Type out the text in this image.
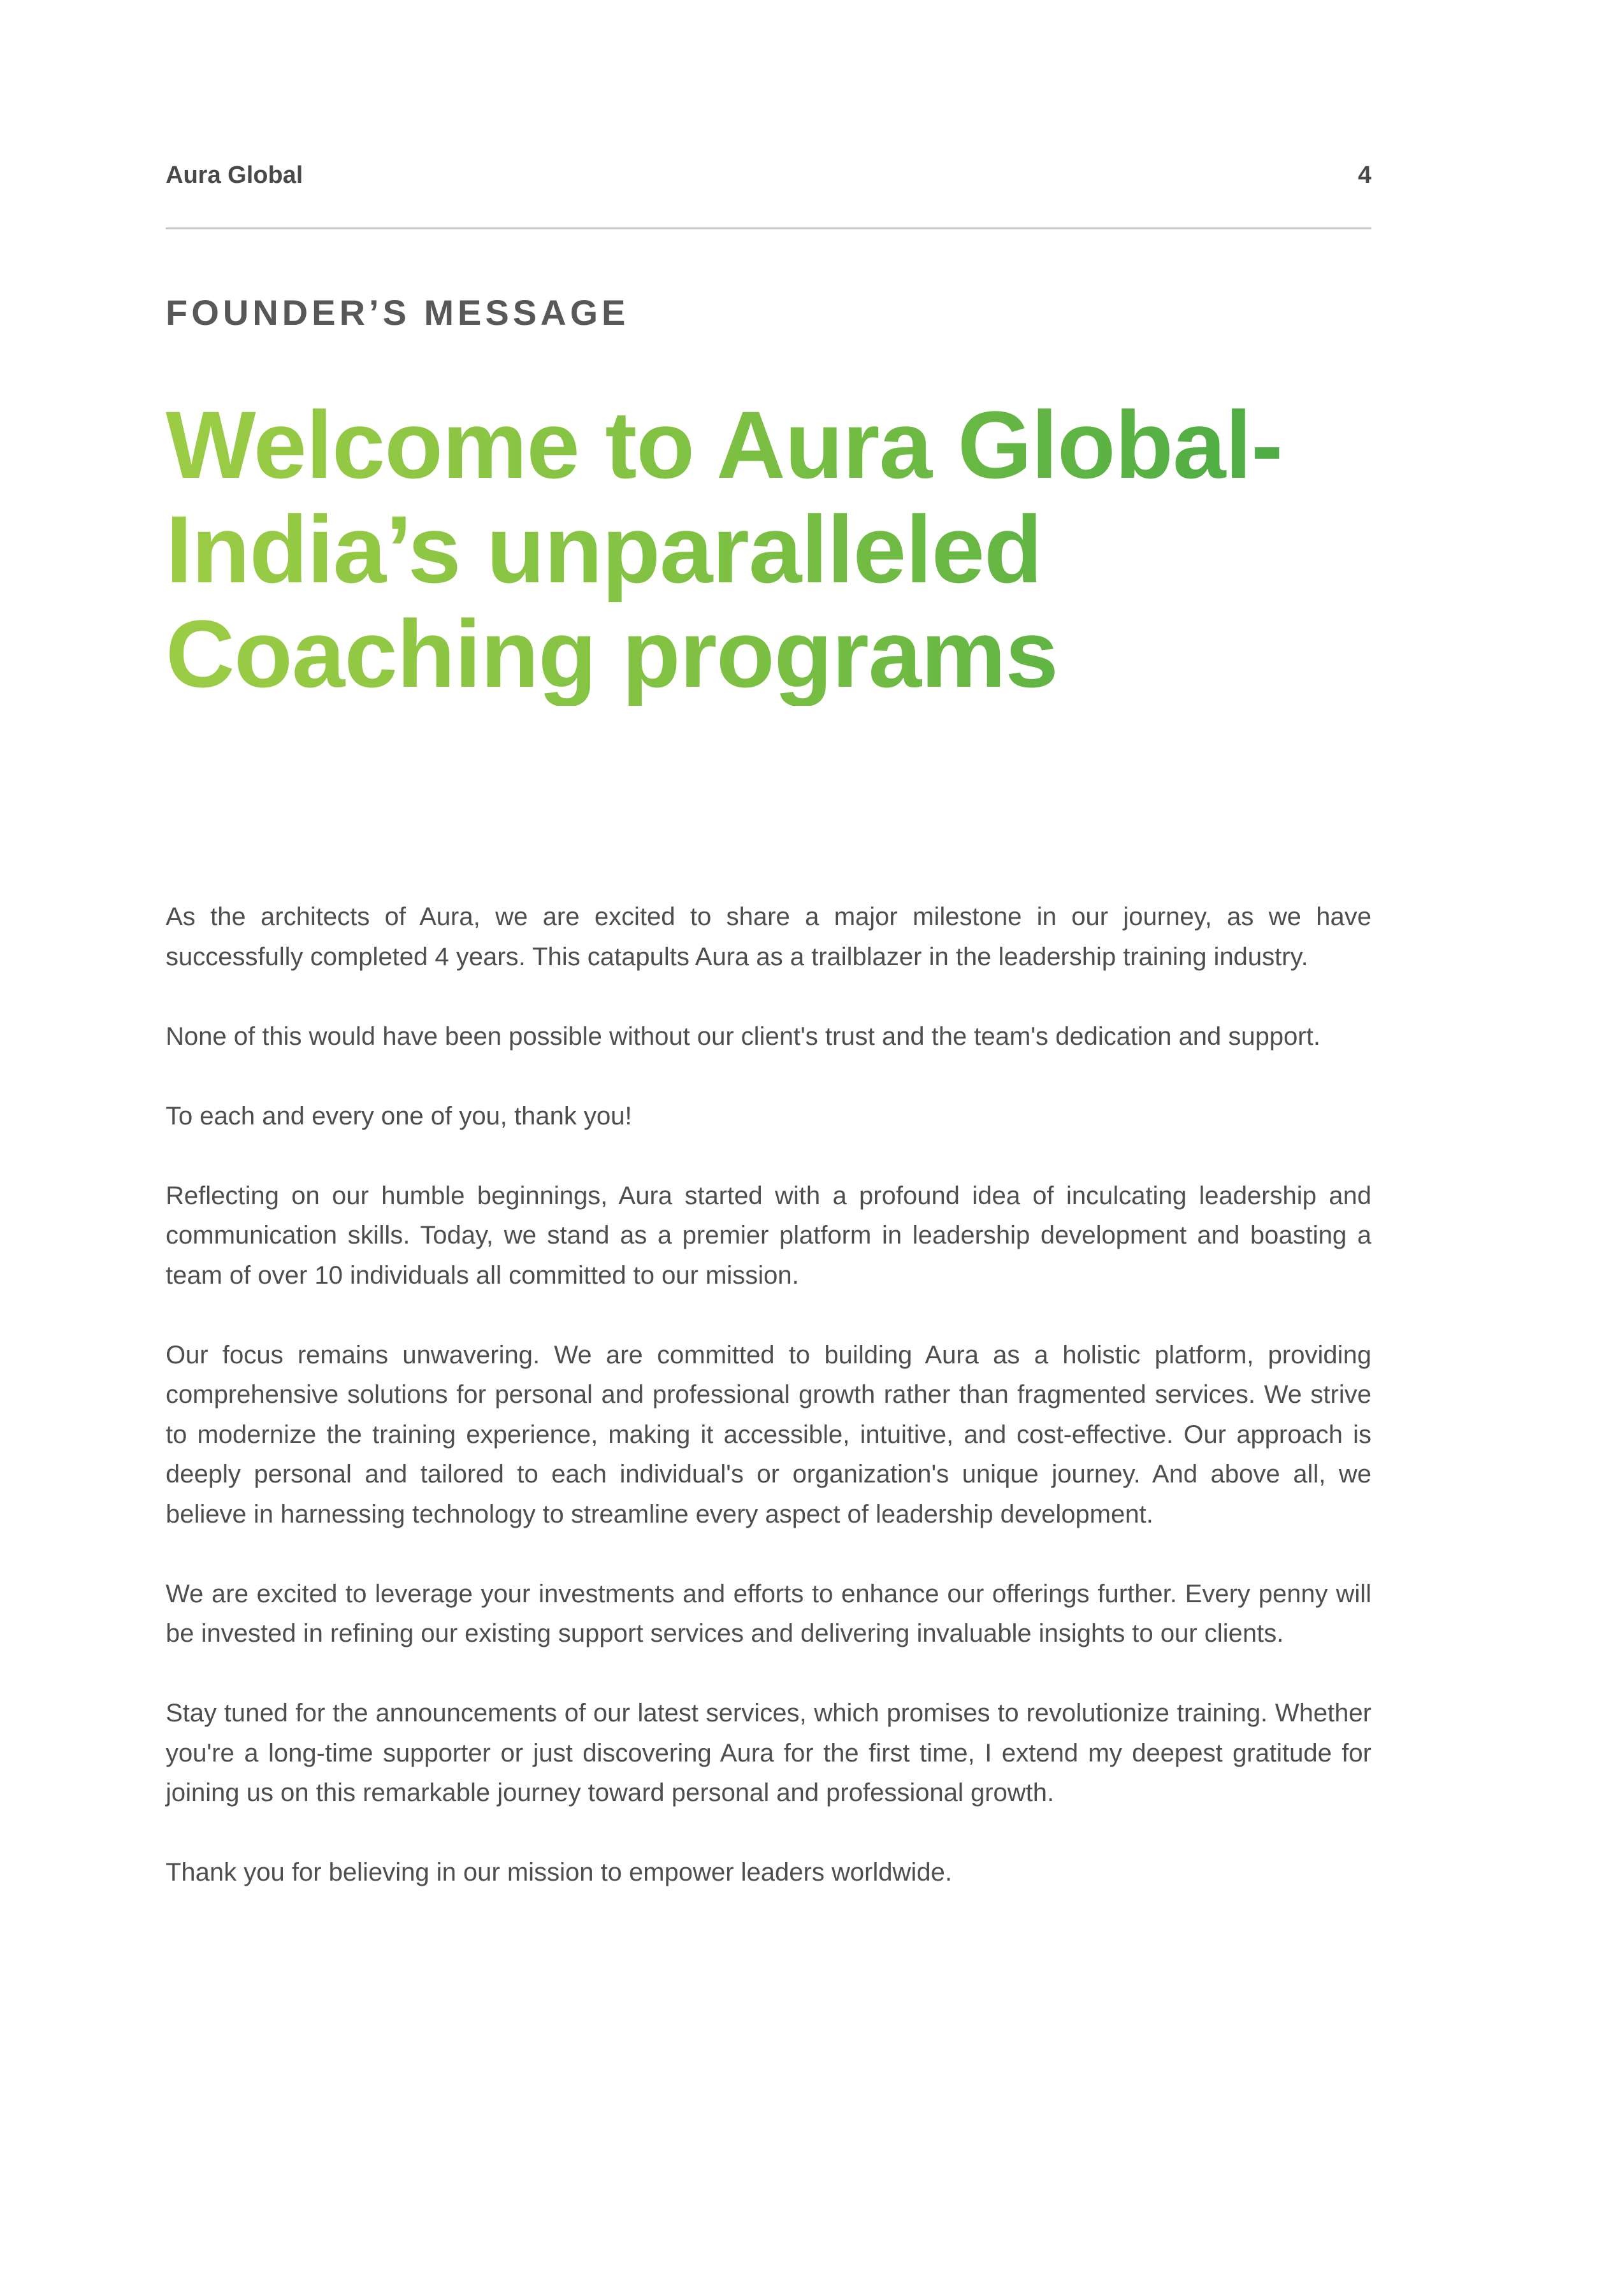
Aura Global	4
FOUNDER’S MESSAGE
Welcome to Aura Global-
India’s unparalleled
Coaching programs

As the architects of Aura, we are excited to share a major milestone in our journey, as we have successfully completed 4 years. This catapults Aura as a trailblazer in the leadership training industry.

None of this would have been possible without our client's trust and the team's dedication and support.

To each and every one of you, thank you!

Reflecting on our humble beginnings, Aura started with a profound idea of inculcating leadership and communication skills. Today, we stand as a premier platform in leadership development and boasting a team of over 10 individuals all committed to our mission.

Our focus remains unwavering. We are committed to building Aura as a holistic platform, providing comprehensive solutions for personal and professional growth rather than fragmented services. We strive to modernize the training experience, making it accessible, intuitive, and cost-effective. Our approach is deeply personal and tailored to each individual's or organization's unique journey. And above all, we believe in harnessing technology to streamline every aspect of leadership development.

We are excited to leverage your investments and efforts to enhance our offerings further. Every penny will be invested in refining our existing support services and delivering invaluable insights to our clients.

Stay tuned for the announcements of our latest services, which promises to revolutionize training. Whether you're a long-time supporter or just discovering Aura for the first time, I extend my deepest gratitude for joining us on this remarkable journey toward personal and professional growth.

Thank you for believing in our mission to empower leaders worldwide.
